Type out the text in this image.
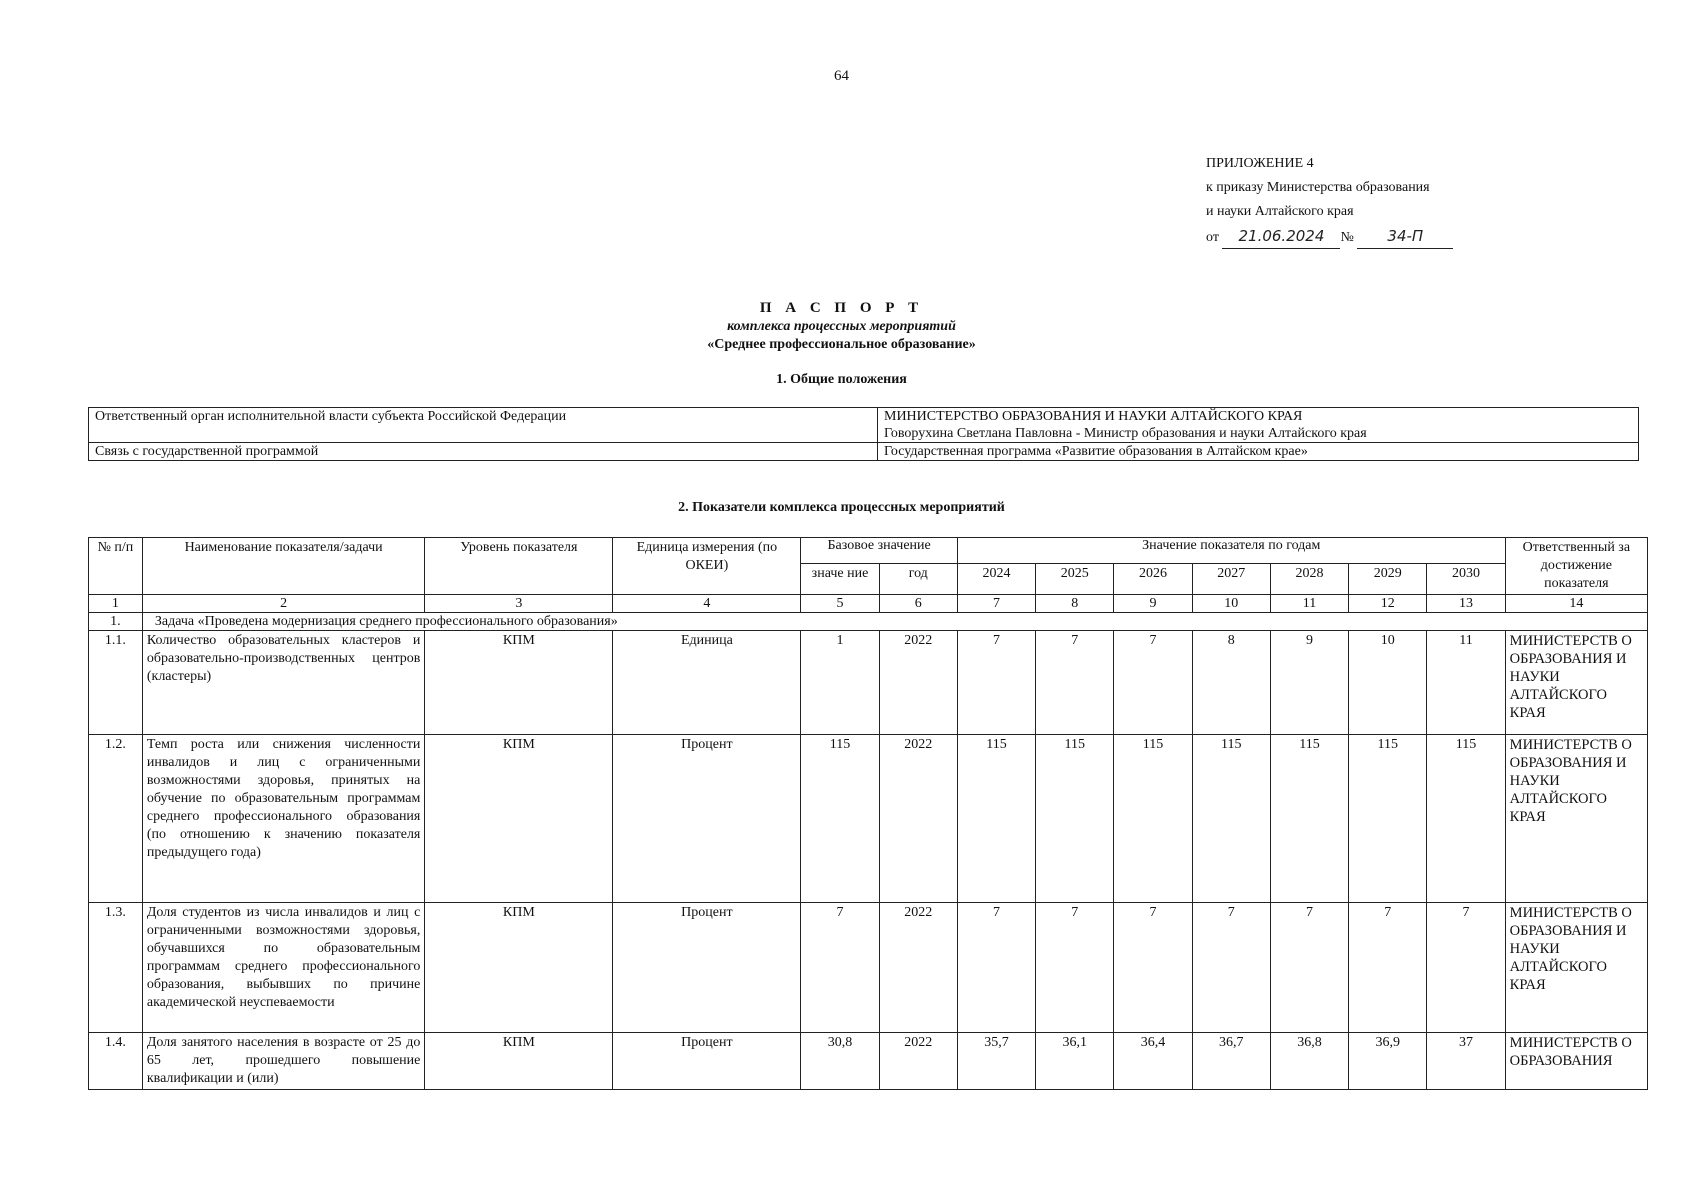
64
ПРИЛОЖЕНИЕ 4
к приказу Министерства образования
и науки Алтайского края
от 21.06.2024 № 34-П
П А С П О Р Т
комплекса процессных мероприятий
«Среднее профессиональное образование»
1. Общие положения
Ответственный орган исполнительной власти субъекта Российской Федерации	МИНИСТЕРСТВО ОБРАЗОВАНИЯ И НАУКИ АЛТАЙСКОГО КРАЯ
Говорухина Светлана Павловна - Министр образования и науки Алтайского края

Связь с государственной программой	Государственная программа «Развитие образования в Алтайском крае»
2. Показатели комплекса процессных мероприятий
№ п/п	Наименование показателя/задачи	Уровень показателя	Единица измерения (по ОКЕИ)	Базовое значение		Значение показателя по годам							Ответственный за достижение показателя
				значе ние	год	2024	2025	2026	2027	2028	2029	2030	
1	2	3	4	5	6	7	8	9	10	11	12	13	14
1.	Задача «Проведена модернизация среднего профессионального образования»												
1.1.	Количество образовательных кластеров и образовательно-производственных центров (кластеры)	КПМ	Единица	1	2022	7	7	7	8	9	10	11	МИНИСТЕРСТВ О ОБРАЗОВАНИЯ И НАУКИ АЛТАЙСКОГО КРАЯ
1.2.	Темп роста или снижения численности инвалидов и лиц с ограниченными возможностями здоровья, принятых на обучение по образовательным программам среднего профессионального образования (по отношению к значению показателя предыдущего года)	КПМ	Процент	115	2022	115	115	115	115	115	115	115	МИНИСТЕРСТВ О ОБРАЗОВАНИЯ И НАУКИ АЛТАЙСКОГО КРАЯ
1.3.	Доля студентов из числа инвалидов и лиц с ограниченными возможностями здоровья, обучавшихся по образовательным программам среднего профессионального образования, выбывших по причине академической неуспеваемости	КПМ	Процент	7	2022	7	7	7	7	7	7	7	МИНИСТЕРСТВ О ОБРАЗОВАНИЯ И НАУКИ АЛТАЙСКОГО КРАЯ
1.4.	Доля занятого населения в возрасте от 25 до 65 лет, прошедшего повышение квалификации и (или)	КПМ	Процент	30,8	2022	35,7	36,1	36,4	36,7	36,8	36,9	37	МИНИСТЕРСТВ О ОБРАЗОВАНИЯ
